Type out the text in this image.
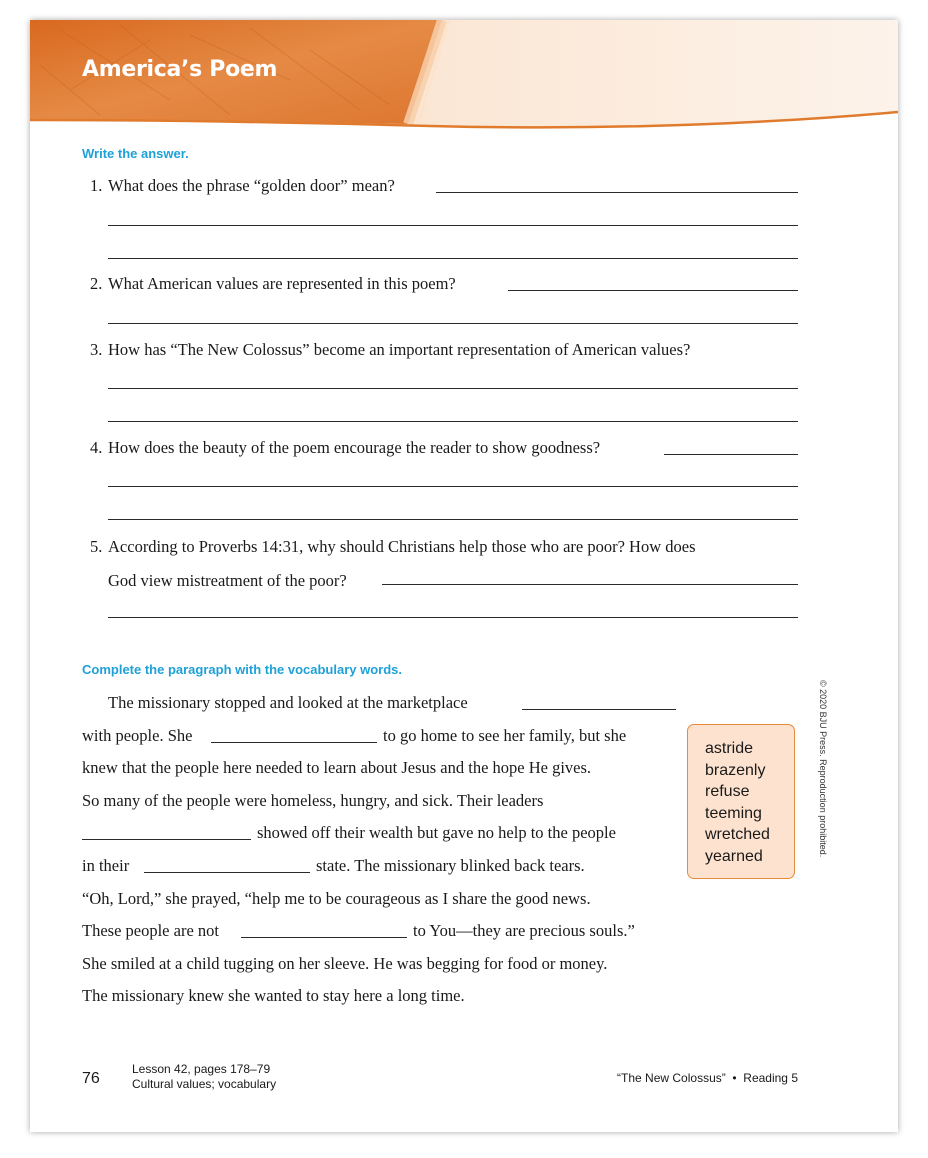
America’s Poem
Write the answer.
1. What does the phrase “golden door” mean?
2. What American values are represented in this poem?
3. How has “The New Colossus” become an important representation of American values?
4. How does the beauty of the poem encourage the reader to show goodness?
5. According to Proverbs 14:31, why should Christians help those who are poor? How does
God view mistreatment of the poor?
Complete the paragraph with the vocabulary words.
The missionary stopped and looked at the marketplace
with people. She	to go home to see her family, but she
knew that the people here needed to learn about Jesus and the hope He gives.
So many of the people were homeless, hungry, and sick. Their leaders
showed off their wealth but gave no help to the people
in their	state. The missionary blinked back tears.
“Oh, Lord,” she prayed, “help me to be courageous as I share the good news.
These people are not	to You—they are precious souls.”
She smiled at a child tugging on her sleeve. He was begging for food or money.
The missionary knew she wanted to stay here a long time.
astride
brazenly
refuse
teeming
wretched
yearned	© 2020 BJU Press. Reproduction prohibited.
76
Lesson 42, pages 178–79
Cultural values; vocabulary	“The New Colossus”  •  Reading 5
